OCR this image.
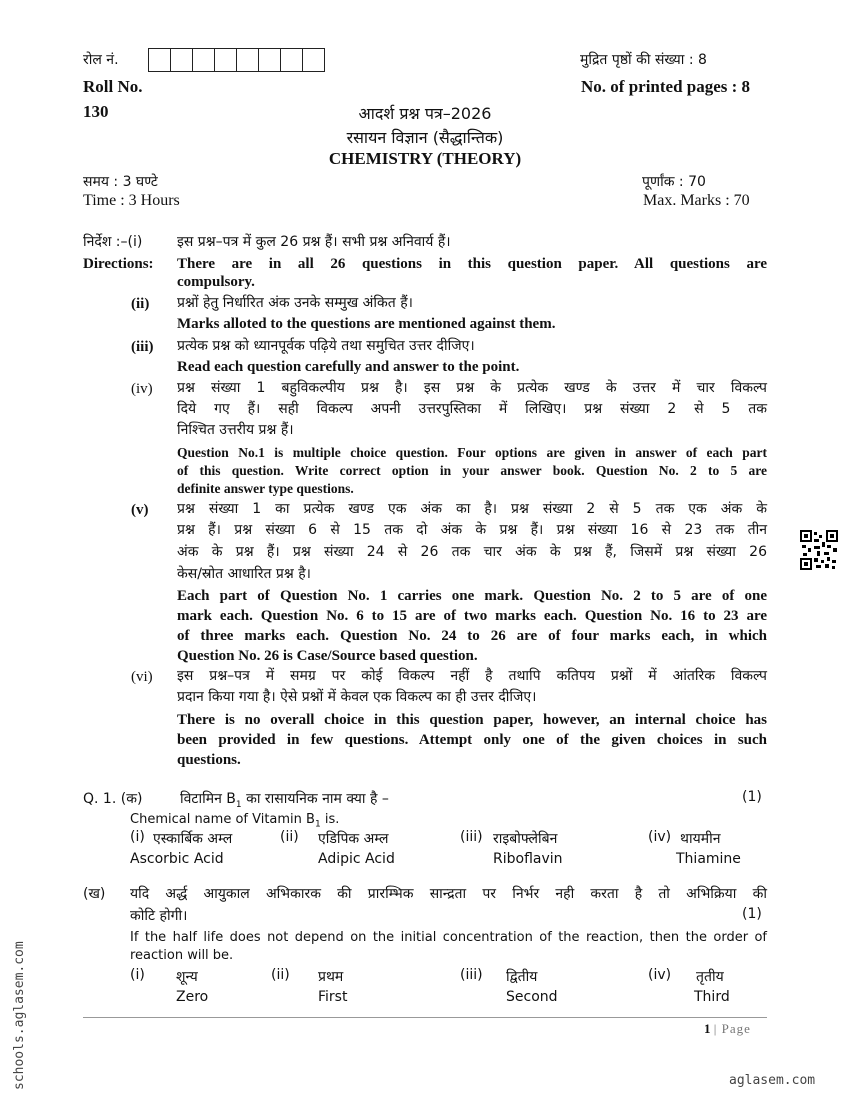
रोल नं.	मुद्रित पृष्ठों की संख्या : 8
Roll No.	No. of printed pages : 8
130	आदर्श प्रश्न पत्र–2026
रसायन विज्ञान (सैद्धान्तिक)
CHEMISTRY (THEORY)
समय : 3 घण्टे	पूर्णांक : 70
Time : 3 Hours	Max. Marks : 70
निर्देश :–(i) इस प्रश्न–पत्र में कुल 26 प्रश्न हैं। सभी प्रश्न अनिवार्य हैं।
Directions: There are in all 26 questions in this question paper. All questions are
compulsory.
(ii) प्रश्नों हेतु निर्धारित अंक उनके सम्मुख अंकित हैं।
Marks alloted to the questions are mentioned against them.
(iii) प्रत्येक प्रश्न को ध्यानपूर्वक पढ़िये तथा समुचित उत्तर दीजिए।
Read each question carefully and answer to the point.
(iv) प्रश्न संख्या 1 बहुविकल्पीय प्रश्न है। इस प्रश्न के प्रत्येक खण्ड के उत्तर में चार विकल्प
दिये गए हैं। सही विकल्प अपनी उत्तरपुस्तिका में लिखिए। प्रश्न संख्या 2 से 5 तक
निश्चित उत्तरीय प्रश्न हैं।
Question No.1 is multiple choice question. Four options are given in answer of each part
of this question. Write correct option in your answer book. Question No. 2 to 5 are
definite answer type questions.
(v) प्रश्न संख्या 1 का प्रत्येक खण्ड एक अंक का है। प्रश्न संख्या 2 से 5 तक एक अंक के
प्रश्न हैं। प्रश्न संख्या 6 से 15 तक दो अंक के प्रश्न हैं। प्रश्न संख्या 16 से 23 तक तीन
अंक के प्रश्न हैं। प्रश्न संख्या 24 से 26 तक चार अंक के प्रश्न हैं, जिसमें प्रश्न संख्या 26
केस/स्रोत आधारित प्रश्न है।
Each part of Question No. 1 carries one mark. Question No. 2 to 5 are of one
mark each. Question No. 6 to 15 are of two marks each. Question No. 16 to 23 are
of three marks each. Question No. 24 to 26 are of four marks each, in which
Question No. 26 is Case/Source based question.
(vi) इस प्रश्न–पत्र में समग्र पर कोई विकल्प नहीं है तथापि कतिपय प्रश्नों में आंतरिक विकल्प
प्रदान किया गया है। ऐसे प्रश्नों में केवल एक विकल्प का ही उत्तर दीजिए।
There is no overall choice in this question paper, however, an internal choice has
been provided in few questions. Attempt only one of the given choices in such
questions.
Q. 1. (क)	विटामिन $B_1$ का रासायनिक नाम क्या है –	(1)
Chemical name of Vitamin $B_1$ is.
(i) एस्कार्बिक अम्ल
Ascorbic Acid
(ii) एडिपिक अम्ल
Adipic Acid
(iii) राइबोफ्लेबिन
Riboflavin
(iv) थायमीन
Thiamine
(ख) यदि अर्द्ध आयुकाल अभिकारक की प्रारम्भिक सान्द्रता पर निर्भर नही करता है तो अभिक्रिया की
कोटि होगी।	(1)
If the half life does not depend on the initial concentration of the reaction, then the order of
reaction will be.
(i) शून्य
Zero
(ii) प्रथम
First
(iii) द्वितीय
Second
(iv) तृतीय
Third
1 | Page
schools.aglasem.com	aglasem.com
